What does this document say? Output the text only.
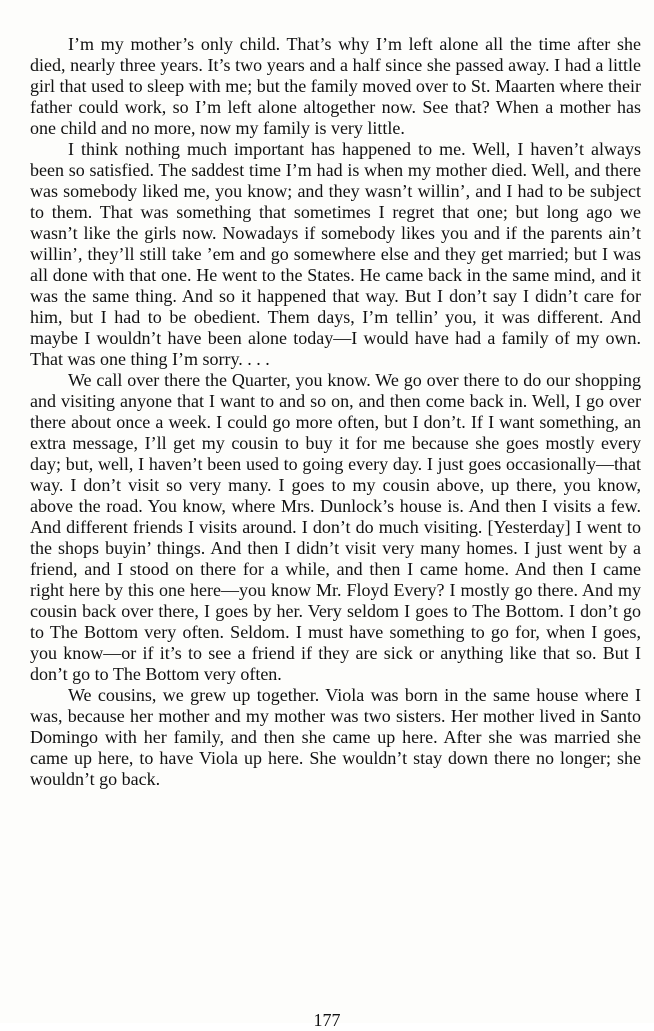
I’m my mother’s only child. That’s why I’m left alone all the time after she died, nearly three years. It’s two years and a half since she passed away. I had a little girl that used to sleep with me; but the family moved over to St. Maarten where their father could work, so I’m left alone altogether now. See that? When a mother has one child and no more, now my family is very little.

I think nothing much important has happened to me. Well, I haven’t always been so satisfied. The saddest time I’m had is when my mother died. Well, and there was somebody liked me, you know; and they wasn’t willin’, and I had to be subject to them. That was something that sometimes I regret that one; but long ago we wasn’t like the girls now. Nowadays if somebody likes you and if the parents ain’t willin’, they’ll still take ’em and go somewhere else and they get married; but I was all done with that one. He went to the States. He came back in the same mind, and it was the same thing. And so it happened that way. But I don’t say I didn’t care for him, but I had to be obedient. Them days, I’m tellin’ you, it was different. And maybe I wouldn’t have been alone today—I would have had a family of my own. That was one thing I’m sorry. . . .

We call over there the Quarter, you know. We go over there to do our shopping and visiting anyone that I want to and so on, and then come back in. Well, I go over there about once a week. I could go more often, but I don’t. If I want something, an extra message, I’ll get my cousin to buy it for me because she goes mostly every day; but, well, I haven’t been used to going every day. I just goes occasionally—that way. I don’t visit so very many. I goes to my cousin above, up there, you know, above the road. You know, where Mrs. Dunlock’s house is. And then I visits a few. And different friends I visits around. I don’t do much visiting. [Yesterday] I went to the shops buyin’ things. And then I didn’t visit very many homes. I just went by a friend, and I stood on there for a while, and then I came home. And then I came right here by this one here—you know Mr. Floyd Every? I mostly go there. And my cousin back over there, I goes by her. Very seldom I goes to The Bottom. I don’t go to The Bottom very often. Seldom. I must have something to go for, when I goes, you know—or if it’s to see a friend if they are sick or anything like that so. But I don’t go to The Bottom very often.

We cousins, we grew up together. Viola was born in the same house where I was, because her mother and my mother was two sisters. Her mother lived in Santo Domingo with her family, and then she came up here. After she was married she came up here, to have Viola up here. She wouldn’t stay down there no longer; she wouldn’t go back.

177
